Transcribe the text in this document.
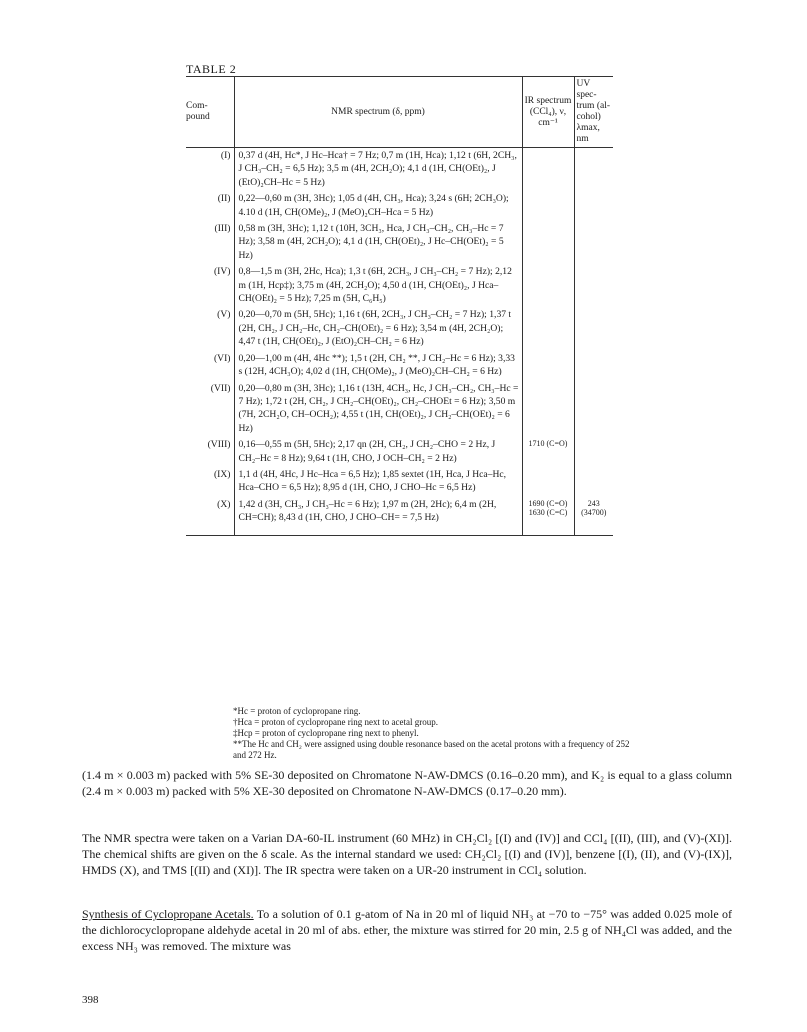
TABLE 2
Com-pound	NMR spectrum (δ, ppm)	IR spectrum (CCl₄), ν, cm⁻¹	UV spec-trum (al-cohol) λmax, nm
(I)	0,37 d (4H, Hc*, J Hc–Hca† = 7 Hz; 0,7 m (1H, Hca); 1,12 t (6H, 2CH₃, J CH₃–CH₂ = 6,5 Hz); 3,5 m (4H, 2CH₂O); 4,1 d (1H, CH(OEt)₂, J (EtO)₂CH–Hc = 5 Hz)		
(II)	0,22—0,60 m (3H, 3Hc); 1,05 d (4H, CH₃, Hca); 3,24 s (6H; 2CH₃O); 4.10 d (1H, CH(OMe)₂, J (MeO)₂CH–Hca = 5 Hz)		
(III)	0,58 m (3H, 3Hc); 1,12 t (10H, 3CH₃, Hca, J CH₃–CH₂, CH₃–Hc = 7 Hz); 3,58 m (4H, 2CH₂O); 4,1 d (1H, CH(OEt)₂, J Hc–CH(OEt)₂ = 5 Hz)		
(IV)	0,8—1,5 m (3H, 2Hc, Hca); 1,3 t (6H, 2CH₃, J CH₃–CH₂ = 7 Hz); 2,12 m (1H, Hcp‡); 3,75 m (4H, 2CH₂O); 4,50 d (1H, CH(OEt)₂, J Hca–CH(OEt)₂ = 5 Hz); 7,25 m (5H, C₆H₅)		
(V)	0,20—0,70 m (5H, 5Hc); 1,16 t (6H, 2CH₃, J CH₃–CH₂ = 7 Hz); 1,37 t (2H, CH₂, J CH₂–Hc, CH₂–CH(OEt)₂ = 6 Hz); 3,54 m (4H, 2CH₂O); 4,47 t (1H, CH(OEt)₂, J (EtO)₂CH–CH₂ = 6 Hz)		
(VI)	0,20—1,00 m (4H, 4Hc **); 1,5 t (2H, CH₂ **, J CH₂–Hc = 6 Hz); 3,33 s (12H, 4CH₃O); 4,02 d (1H, CH(OMe)₂, J (MeO)₂CH–CH₂ = 6 Hz)		
(VII)	0,20—0,80 m (3H, 3Hc); 1,16 t (13H, 4CH₃, Hc, J CH₃–CH₂, CH₃–Hc = 7 Hz); 1,72 t (2H, CH₂, J CH₂–CH(OEt)₂, CH₂–CHOEt = 6 Hz); 3,50 m (7H, 2CH₂O, CH–OCH₂); 4,55 t (1H, CH(OEt)₂, J CH₂–CH(OEt)₂ = 6 Hz)		
(VIII)	0,16—0,55 m (5H, 5Hc); 2,17 qn (2H, CH₂, J CH₂–CHO = 2 Hz, J CH₂–Hc = 8 Hz); 9,64 t (1H, CHO, J OCH–CH₂ = 2 Hz)	1710 (C=O)	
(IX)	1,1 d (4H, 4Hc, J Hc–Hca = 6,5 Hz); 1,85 sextet (1H, Hca, J Hca–Hc, Hca–CHO = 6,5 Hz); 8,95 d (1H, CHO, J CHO–Hc = 6,5 Hz)		
(X)	1,42 d (3H, CH₃, J CH₃–Hc = 6 Hz); 1,97 m (2H, 2Hc); 6,4 m (2H, CH=CH); 8,43 d (1H, CHO, J CHO–CH= = 7,5 Hz)	1690 (C=O) 1630 (C=C)	243 (34700)

*Hc = proton of cyclopropane ring.

†Hca = proton of cyclopropane ring next to acetal group.

‡Hcp = proton of cyclopropane ring next to phenyl.

**The Hc and CH₂ were assigned using double resonance based on the acetal protons with a frequency of 252 and 272 Hz.

(1.4 m × 0.003 m) packed with 5% SE-30 deposited on Chromatone N-AW-DMCS (0.16–0.20 mm), and K₂ is equal to a glass column (2.4 m × 0.003 m) packed with 5% XE-30 deposited on Chromatone N-AW-DMCS (0.17–0.20 mm).

The NMR spectra were taken on a Varian DA-60-IL instrument (60 MHz) in CH₂Cl₂ [(I) and (IV)] and CCl₄ [(II), (III), and (V)-(XI)]. The chemical shifts are given on the δ scale. As the internal standard we used: CH₂Cl₂ [(I) and (IV)], benzene [(I), (II), and (V)-(IX)], HMDS (X), and TMS [(II) and (XI)]. The IR spectra were taken on a UR-20 instrument in CCl₄ solution.

Synthesis of Cyclopropane Acetals. To a solution of 0.1 g-atom of Na in 20 ml of liquid NH₃ at −70 to −75° was added 0.025 mole of the dichlorocyclopropane aldehyde acetal in 20 ml of abs. ether, the mixture was stirred for 20 min, 2.5 g of NH₄Cl was added, and the excess NH₃ was removed. The mixture was

398
